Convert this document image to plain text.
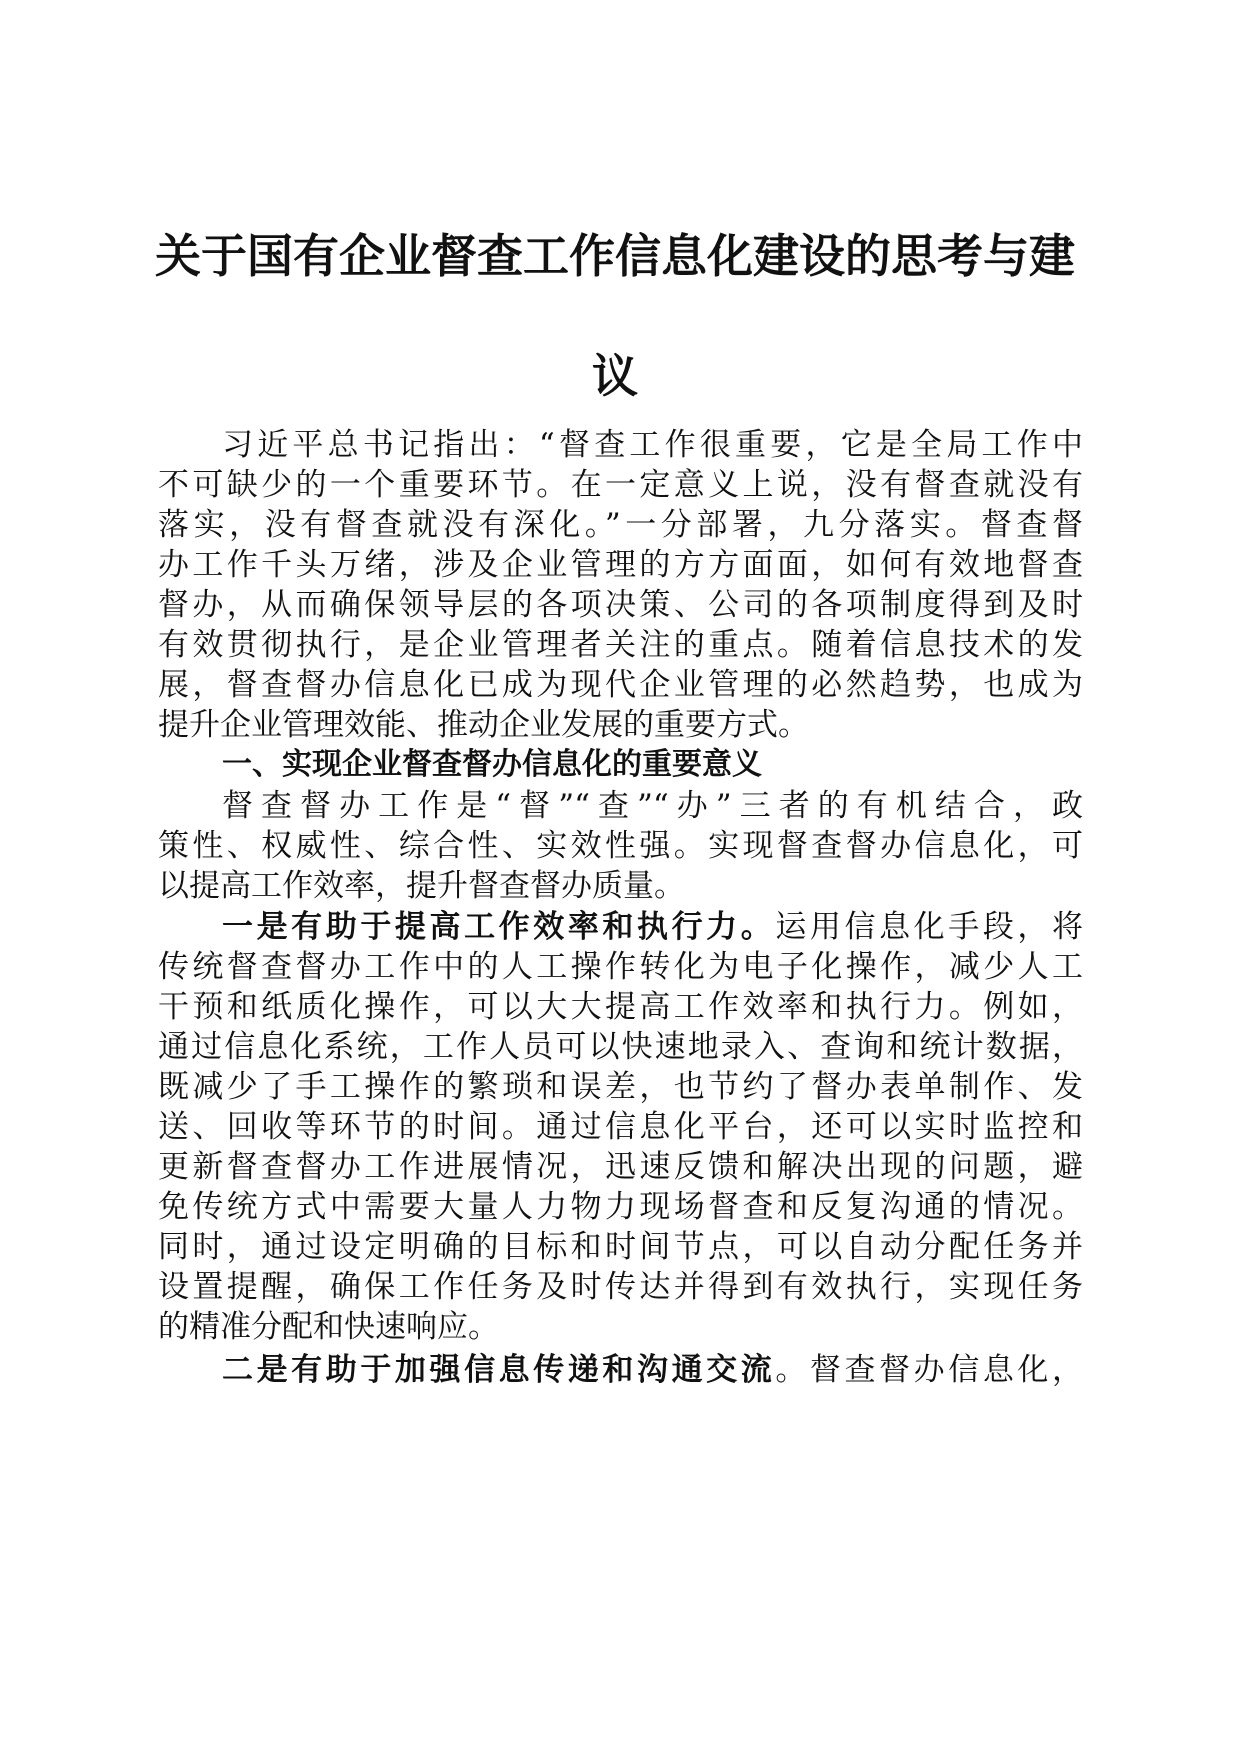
关于国有企业督查工作信息化建设的思考与建
议
习近平总书记指出：“督查工作很重要，它是全局工作中
不可缺少的一个重要环节。在一定意义上说，没有督查就没有
落实，没有督查就没有深化。”一分部署，九分落实。督查督
办工作千头万绪，涉及企业管理的方方面面，如何有效地督查
督办，从而确保领导层的各项决策、公司的各项制度得到及时
有效贯彻执行，是企业管理者关注的重点。随着信息技术的发
展，督查督办信息化已成为现代企业管理的必然趋势，也成为
提升企业管理效能、推动企业发展的重要方式。
一、实现企业督查督办信息化的重要意义
督查督办工作是“督”“查”“办”三者的有机结合，政
策性、权威性、综合性、实效性强。实现督查督办信息化，可
以提高工作效率，提升督查督办质量。
一是有助于提高工作效率和执行力。运用信息化手段，将
传统督查督办工作中的人工操作转化为电子化操作，减少人工
干预和纸质化操作，可以大大提高工作效率和执行力。例如，
通过信息化系统，工作人员可以快速地录入、查询和统计数据，
既减少了手工操作的繁琐和误差，也节约了督办表单制作、发
送、回收等环节的时间。通过信息化平台，还可以实时监控和
更新督查督办工作进展情况，迅速反馈和解决出现的问题，避
免传统方式中需要大量人力物力现场督查和反复沟通的情况。
同时，通过设定明确的目标和时间节点，可以自动分配任务并
设置提醒，确保工作任务及时传达并得到有效执行，实现任务
的精准分配和快速响应。
二是有助于加强信息传递和沟通交流。督查督办信息化，
